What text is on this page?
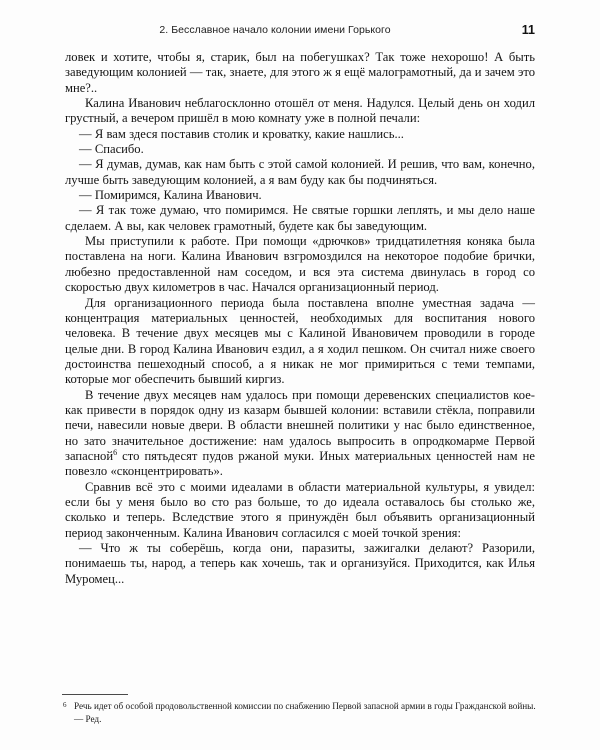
2. Бесславное начало колонии имени Горького	11

ловек и хотите, чтобы я, старик, был на побегушках? Так тоже нехорошо! А быть заведующим колонией — так, знаете, для этого ж я ещё малограмотный, да и зачем это мне?..

Калина Иванович неблагосклонно отошёл от меня. Надулся. Целый день он ходил грустный, а вечером пришёл в мою комнату уже в полной печали:

— Я вам здеся поставив столик и кроватку, какие нашлись...

— Спасибо.

— Я думав, думав, как нам быть с этой самой колонией. И решив, что вам, конечно, лучше быть заведующим колонией, а я вам буду как бы подчиняться.

— Помиримся, Калина Иванович.

— Я так тоже думаю, что помиримся. Не святые горшки леплять, и мы дело наше сделаем. А вы, как человек грамотный, будете как бы заведующим.

Мы приступили к работе. При помощи «дрючков» тридцатилетняя коняка была поставлена на ноги. Калина Иванович взгромоздился на некоторое подобие брички, любезно предоставленной нам соседом, и вся эта система двинулась в город со скоростью двух километров в час. Начался организационный период.

Для организационного периода была поставлена вполне уместная задача — концентрация материальных ценностей, необходимых для воспитания нового человека. В течение двух месяцев мы с Калиной Ивановичем проводили в городе целые дни. В город Калина Иванович ездил, а я ходил пешком. Он считал ниже своего достоинства пешеходный способ, а я никак не мог примириться с теми темпами, которые мог обеспечить бывший киргиз.

В течение двух месяцев нам удалось при помощи деревенских специалистов кое-как привести в порядок одну из казарм бывшей колонии: вставили стёкла, поправили печи, навесили новые двери. В области внешней политики у нас было единственное, но зато значительное достижение: нам удалось выпросить в опродкомарме Первой запасной$^6$ сто пятьдесят пудов ржаной муки. Иных материальных ценностей нам не повезло «сконцентрировать».

Сравнив всё это с моими идеалами в области материальной культуры, я увидел: если бы у меня было во сто раз больше, то до идеала оставалось бы столько же, сколько и теперь. Вследствие этого я принуждён был объявить организационный период законченным. Калина Иванович согласился с моей точкой зрения:

— Что ж ты соберёшь, когда они, паразиты, зажигалки делают? Разорили, понимаешь ты, народ, а теперь как хочешь, так и организуйся. Приходится, как Илья Муромец...

6 Речь идет об особой продовольственной комиссии по снабжению Первой запасной армии в годы Гражданской войны. — Ред.
